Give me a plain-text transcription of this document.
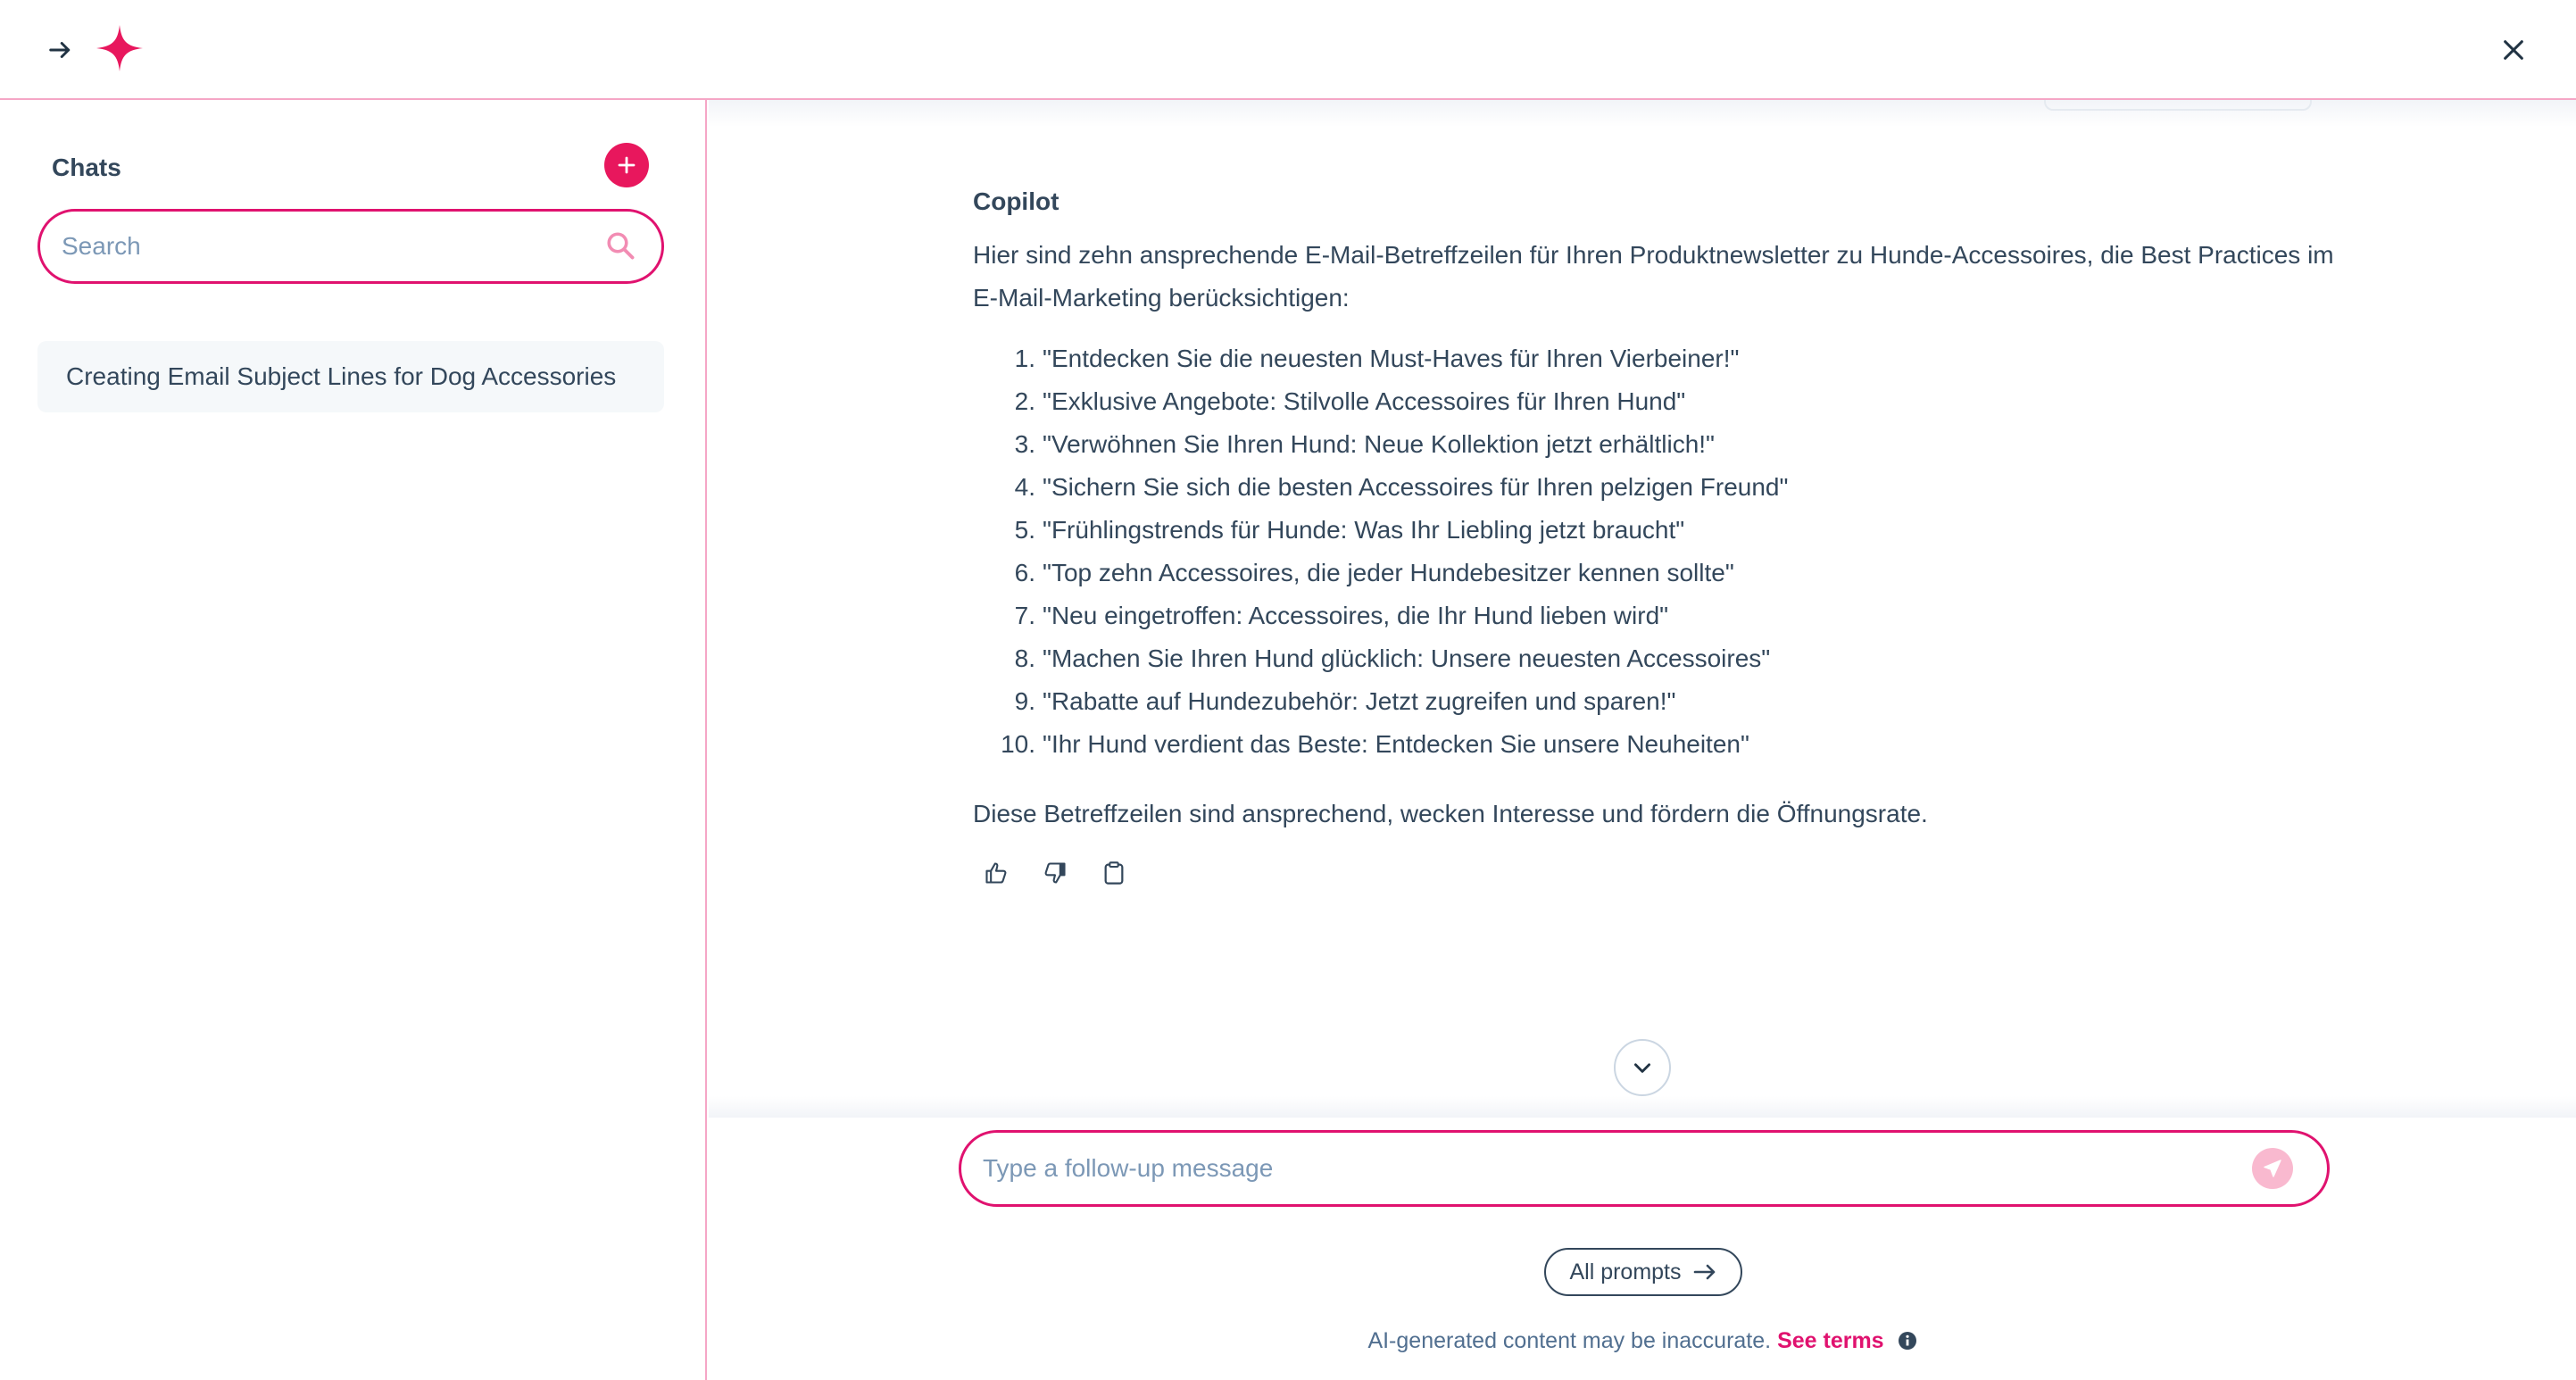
Chats
Search
Creating Email Subject Lines for Dog Accessories
Copilot
Hier sind zehn ansprechende E-Mail-Betreffzeilen für Ihren Produktnewsletter zu Hunde-Accessoires, die Best Practices im E-Mail-Marketing berücksichtigen:
1. "Entdecken Sie die neuesten Must-Haves für Ihren Vierbeiner!"
2. "Exklusive Angebote: Stilvolle Accessoires für Ihren Hund"
3. "Verwöhnen Sie Ihren Hund: Neue Kollektion jetzt erhältlich!"
4. "Sichern Sie sich die besten Accessoires für Ihren pelzigen Freund"
5. "Frühlingstrends für Hunde: Was Ihr Liebling jetzt braucht"
6. "Top zehn Accessoires, die jeder Hundebesitzer kennen sollte"
7. "Neu eingetroffen: Accessoires, die Ihr Hund lieben wird"
8. "Machen Sie Ihren Hund glücklich: Unsere neuesten Accessoires"
9. "Rabatte auf Hundezubehör: Jetzt zugreifen und sparen!"
10. "Ihr Hund verdient das Beste: Entdecken Sie unsere Neuheiten"
Diese Betreffzeilen sind ansprechend, wecken Interesse und fördern die Öffnungsrate.
Type a follow-up message
All prompts
AI-generated content may be inaccurate. See terms
